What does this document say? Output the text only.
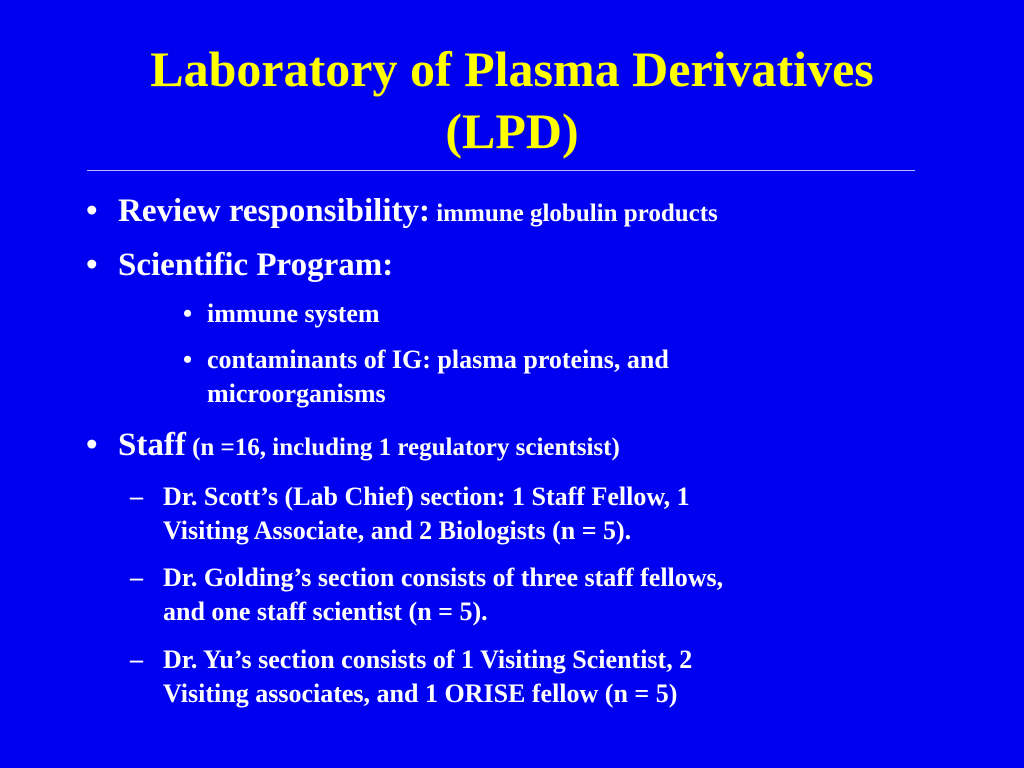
Laboratory of Plasma Derivatives
(LPD)
• Review responsibility: immune globulin products
• Scientific Program:
• immune system
• contaminants of IG: plasma proteins, and
microorganisms
• Staff (n =16, including 1 regulatory scientsist)
– Dr. Scott’s (Lab Chief) section: 1 Staff Fellow, 1
Visiting Associate, and 2 Biologists (n = 5).
– Dr. Golding’s section consists of three staff fellows,
and one staff scientist (n = 5).
– Dr. Yu’s section consists of 1 Visiting Scientist, 2
Visiting associates, and 1 ORISE fellow (n = 5)
